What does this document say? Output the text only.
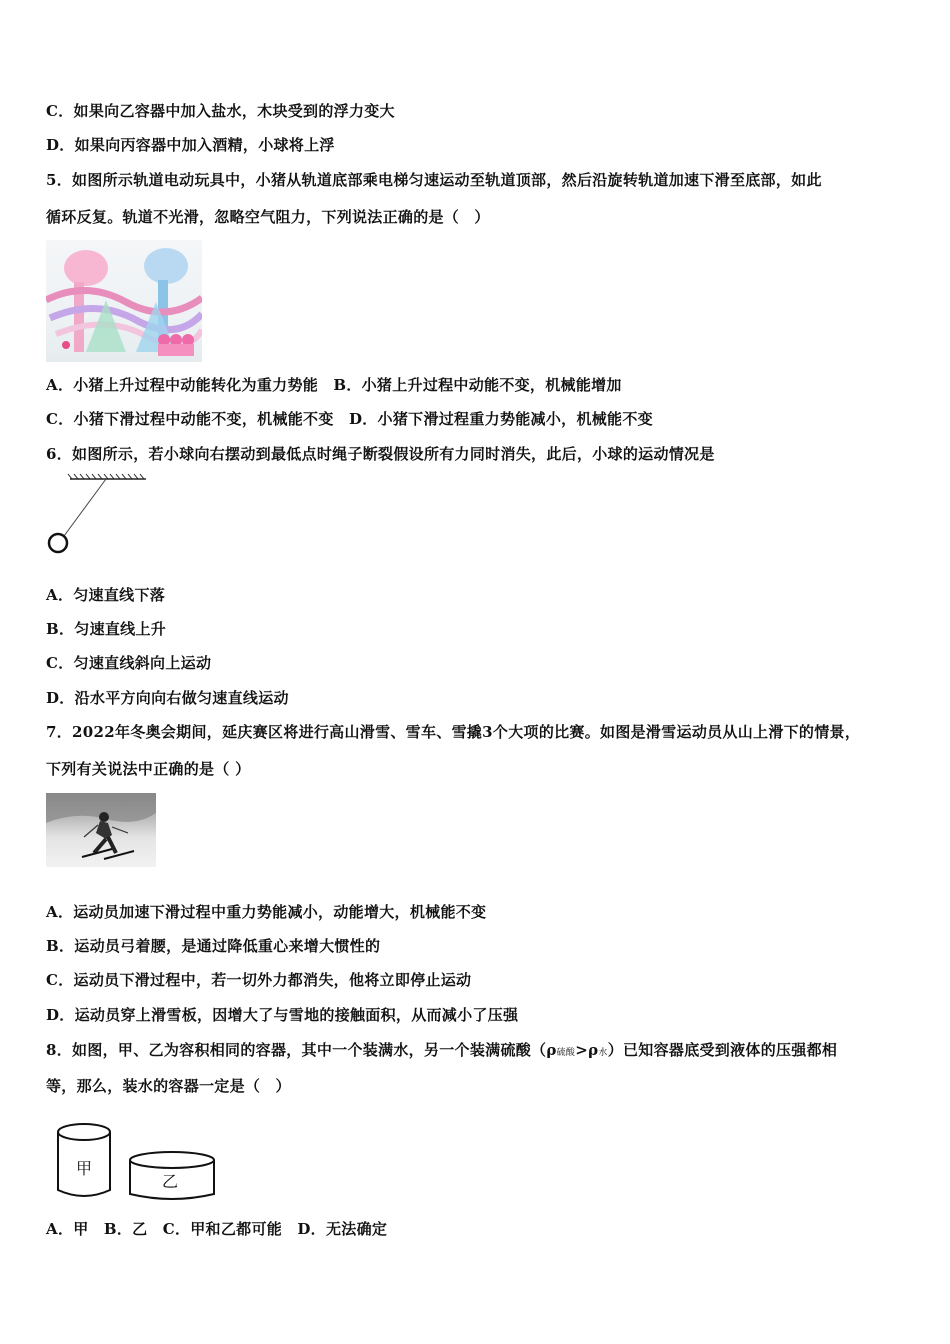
C．如果向乙容器中加入盐水，木块受到的浮力变大
D．如果向丙容器中加入酒精，小球将上浮
5．如图所示轨道电动玩具中，小猪从轨道底部乘电梯匀速运动至轨道顶部，然后沿旋转轨道加速下滑至底部，如此
循环反复。轨道不光滑，忽略空气阻力，下列说法正确的是（　）
A．小猪上升过程中动能转化为重力势能　B．小猪上升过程中动能不变，机械能增加
C．小猪下滑过程中动能不变，机械能不变　D．小猪下滑过程重力势能减小，机械能不变
6．如图所示，若小球向右摆动到最低点时绳子断裂假设所有力同时消失，此后，小球的运动情况是
A．匀速直线下落
B．匀速直线上升
C．匀速直线斜向上运动
D．沿水平方向向右做匀速直线运动
7．2022年冬奥会期间，延庆赛区将进行高山滑雪、雪车、雪撬3个大项的比赛。如图是滑雪运动员从山上滑下的情景，
下列有关说法中正确的是（ ）
A．运动员加速下滑过程中重力势能减小，动能增大，机械能不变
B．运动员弓着腰，是通过降低重心来增大惯性的
C．运动员下滑过程中，若一切外力都消失，他将立即停止运动
D．运动员穿上滑雪板，因增大了与雪地的接触面积，从而减小了压强
8．如图，甲、乙为容积相同的容器，其中一个装满水，另一个装满硫酸（ρ硫酸>ρ水）已知容器底受到液体的压强都相
等，那么，装水的容器一定是（　）
甲
乙
A．甲　B．乙　C．甲和乙都可能　D．无法确定
